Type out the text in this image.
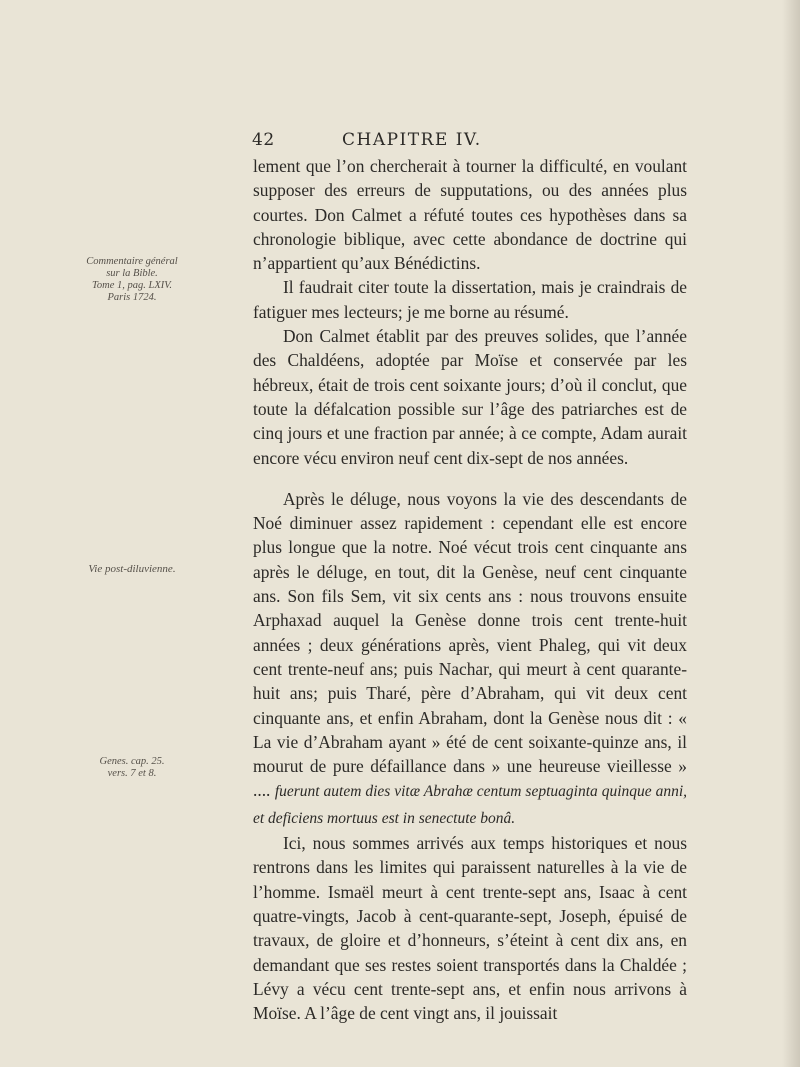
42	CHAPITRE IV.
Commentaire général
sur la Bible.
Tome 1, pag. LXIV.
Paris 1724.
Vie post-diluvienne.
Genes. cap. 25.
vers. 7 et 8.

lement que l’on chercherait à tourner la difficulté, en voulant supposer des erreurs de supputations, ou des années plus courtes. Don Calmet a réfuté toutes ces hypothèses dans sa chronologie biblique, avec cette abondance de doctrine qui n’appartient qu’aux Bénédictins.

Il faudrait citer toute la dissertation, mais je craindrais de fatiguer mes lecteurs; je me borne au résumé.

Don Calmet établit par des preuves solides, que l’année des Chaldéens, adoptée par Moïse et conservée par les hébreux, était de trois cent soixante jours; d’où il conclut, que toute la défalcation possible sur l’âge des patriarches est de cinq jours et une fraction par année; à ce compte, Adam aurait encore vécu environ neuf cent dix-sept de nos années.

Après le déluge, nous voyons la vie des descendants de Noé diminuer assez rapidement : cependant elle est encore plus longue que la notre. Noé vécut trois cent cinquante ans après le déluge, en tout, dit la Genèse, neuf cent cinquante ans. Son fils Sem, vit six cents ans : nous trouvons ensuite Arphaxad auquel la Genèse donne trois cent trente-huit années ; deux générations après, vient Phaleg, qui vit deux cent trente-neuf ans; puis Nachar, qui meurt à cent quarante-huit ans; puis Tharé, père d’Abraham, qui vit deux cent cinquante ans, et enfin Abraham, dont la Genèse nous dit : « La vie d’Abraham ayant » été de cent soixante-quinze ans, il mourut de pure défaillance dans » une heureuse vieillesse » .... fuerunt autem dies vitæ Abrahæ centum septuaginta quinque anni, et deficiens mortuus est in senectute bonâ.

Ici, nous sommes arrivés aux temps historiques et nous rentrons dans les limites qui paraissent naturelles à la vie de l’homme. Ismaël meurt à cent trente-sept ans, Isaac à cent quatre-vingts, Jacob à cent-quarante-sept, Joseph, épuisé de travaux, de gloire et d’honneurs, s’éteint à cent dix ans, en demandant que ses restes soient transportés dans la Chaldée ; Lévy a vécu cent trente-sept ans, et enfin nous arrivons à Moïse. A l’âge de cent vingt ans, il jouissait
